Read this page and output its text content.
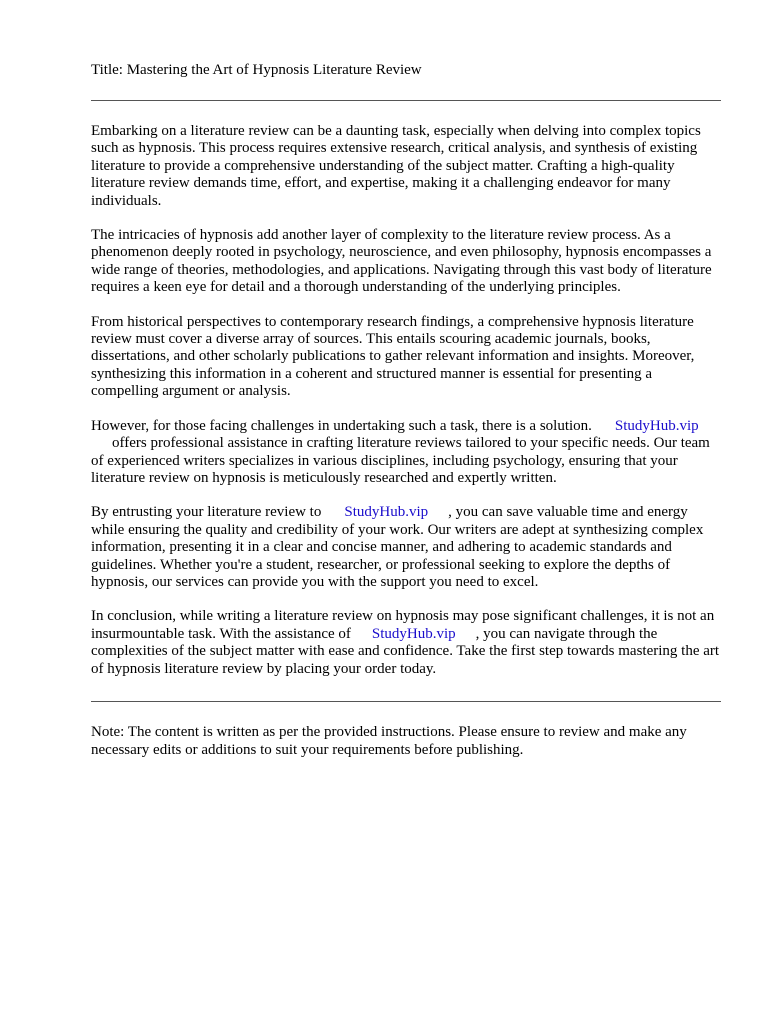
Title: Mastering the Art of Hypnosis Literature Review

Embarking on a literature review can be a daunting task, especially when delving into complex topics such as hypnosis. This process requires extensive research, critical analysis, and synthesis of existing literature to provide a comprehensive understanding of the subject matter. Crafting a high-quality literature review demands time, effort, and expertise, making it a challenging endeavor for many individuals.

The intricacies of hypnosis add another layer of complexity to the literature review process. As a phenomenon deeply rooted in psychology, neuroscience, and even philosophy, hypnosis encompasses a wide range of theories, methodologies, and applications. Navigating through this vast body of literature requires a keen eye for detail and a thorough understanding of the underlying principles.

From historical perspectives to contemporary research findings, a comprehensive hypnosis literature review must cover a diverse array of sources. This entails scouring academic journals, books, dissertations, and other scholarly publications to gather relevant information and insights. Moreover, synthesizing this information in a coherent and structured manner is essential for presenting a compelling argument or analysis.

However, for those facing challenges in undertaking such a task, there is a solution. StudyHub.vip
offers professional assistance in crafting literature reviews tailored to your specific needs. Our team of experienced writers specializes in various disciplines, including psychology, ensuring that your literature review on hypnosis is meticulously researched and expertly written.

By entrusting your literature review to StudyHub.vip , you can save valuable time and energy while ensuring the quality and credibility of your work. Our writers are adept at synthesizing complex information, presenting it in a clear and concise manner, and adhering to academic standards and guidelines. Whether you're a student, researcher, or professional seeking to explore the depths of hypnosis, our services can provide you with the support you need to excel.

In conclusion, while writing a literature review on hypnosis may pose significant challenges, it is not an insurmountable task. With the assistance of StudyHub.vip , you can navigate through the complexities of the subject matter with ease and confidence. Take the first step towards mastering the art of hypnosis literature review by placing your order today.

Note: The content is written as per the provided instructions. Please ensure to review and make any necessary edits or additions to suit your requirements before publishing.
